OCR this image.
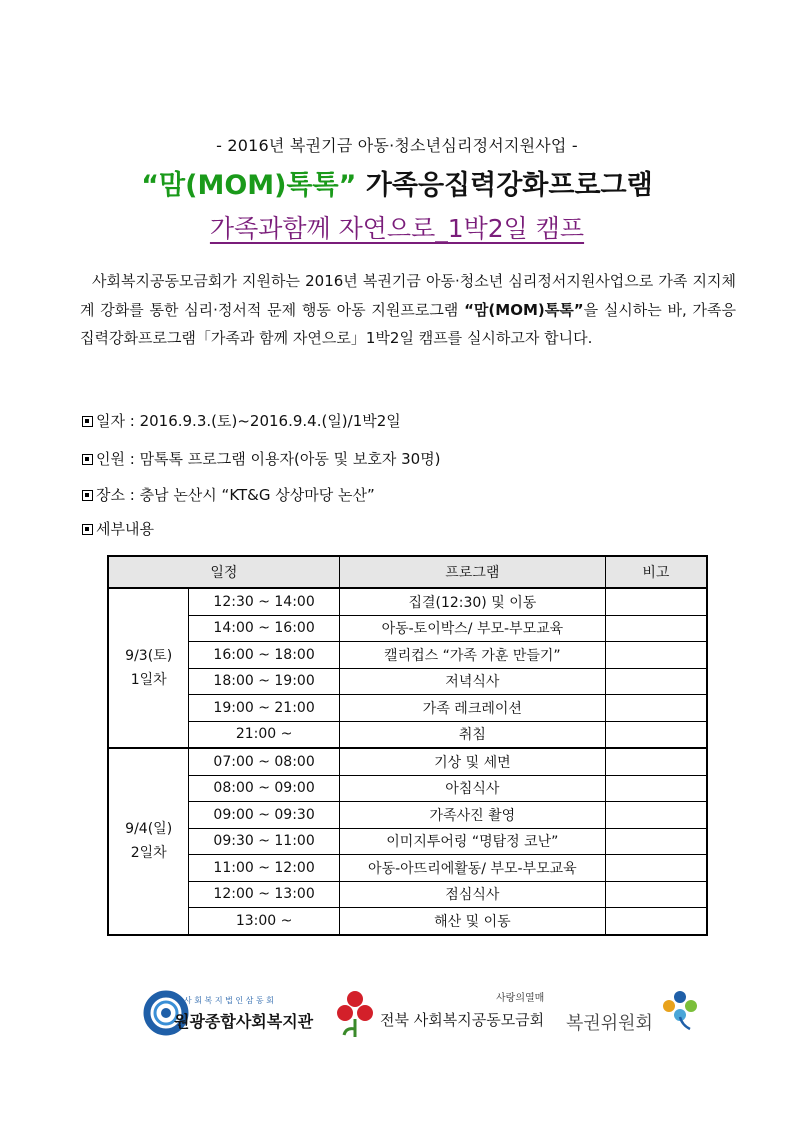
- 2016년 복권기금 아동·청소년심리정서지원사업 -
“맘(MOM)톡톡” 가족응집력강화프로그램
가족과함께 자연으로_1박2일 캠프
사회복지공동모금회가 지원하는 2016년 복권기금 아동·청소년 심리정서지원사업으로 가족 지지체계 강화를 통한 심리·정서적 문제 행동 아동 지원프로그램 “맘(MOM)톡톡”을 실시하는 바, 가족응집력강화프로그램「가족과 함께 자연으로」1박2일 캠프를 실시하고자 합니다.
일자 : 2016.9.3.(토)~2016.9.4.(일)/1박2일
인원 : 맘톡톡 프로그램 이용자(아동 및 보호자 30명)
장소 : 충남 논산시 “KT&G 상상마당 논산”
세부내용
일정		프로그램	비고
9/3(토)
1일차	12:30 ~ 14:00	집결(12:30) 및 이동	
	14:00 ~ 16:00	아동-토이박스/ 부모-부모교육	
	16:00 ~ 18:00	캘리컵스 “가족 가훈 만들기”	
	18:00 ~ 19:00	저녁식사	
	19:00 ~ 21:00	가족 레크레이션	
	21:00 ~	취침	
9/4(일)
2일차	07:00 ~ 08:00	기상 및 세면	
	08:00 ~ 09:00	아침식사	
	09:00 ~ 09:30	가족사진 촬영	
	09:30 ~ 11:00	이미지투어링 “명탐정 코난”	
	11:00 ~ 12:00	아동-아뜨리에활동/ 부모-부모교육	
	12:00 ~ 13:00	점심식사	
	13:00 ~	해산 및 이동	
사 회 복 지 법 인 삼 동 회
원광종합사회복지관
사랑의열매
전북 사회복지공동모금회 복권위원회
